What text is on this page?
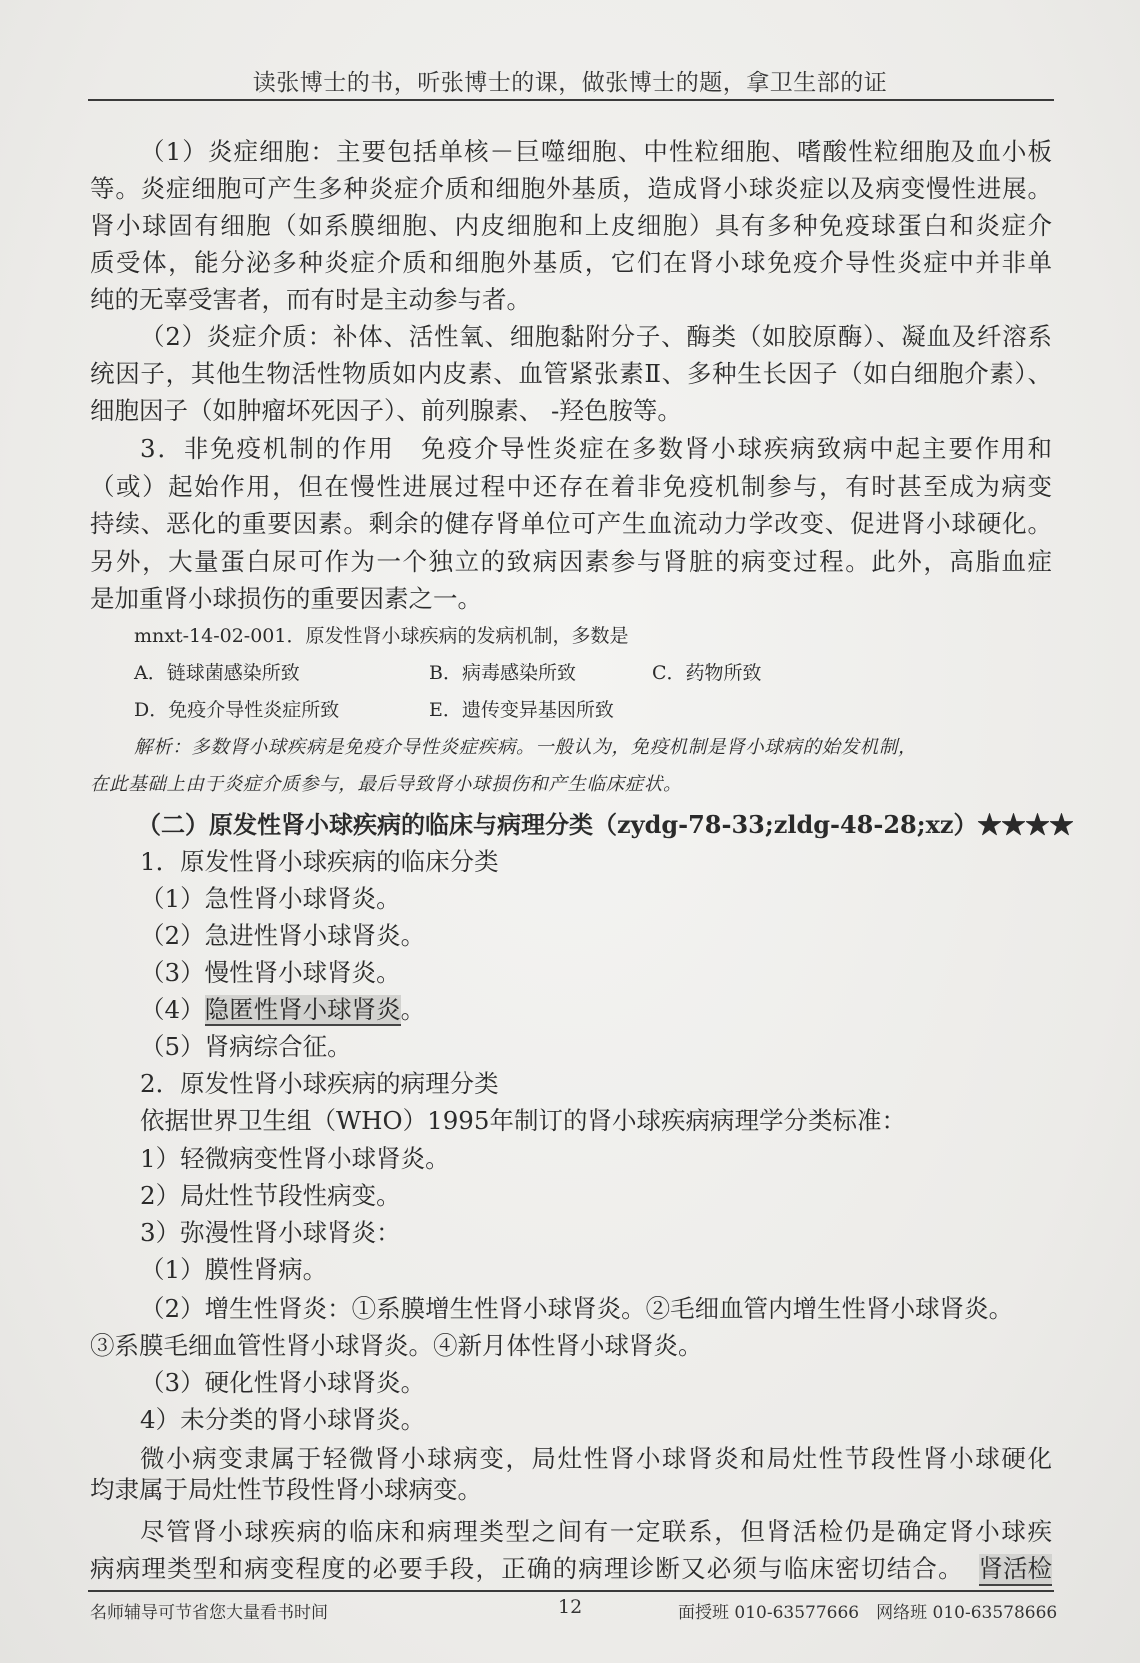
读张博士的书，听张博士的课，做张博士的题，拿卫生部的证
（1）炎症细胞：主要包括单核－巨噬细胞、中性粒细胞、嗜酸性粒细胞及血小板
等。炎症细胞可产生多种炎症介质和细胞外基质，造成肾小球炎症以及病变慢性进展。
肾小球固有细胞（如系膜细胞、内皮细胞和上皮细胞）具有多种免疫球蛋白和炎症介
质受体，能分泌多种炎症介质和细胞外基质，它们在肾小球免疫介导性炎症中并非单
纯的无辜受害者，而有时是主动参与者。
（2）炎症介质：补体、活性氧、细胞黏附分子、酶类（如胶原酶）、凝血及纤溶系
统因子，其他生物活性物质如内皮素、血管紧张素Ⅱ、多种生长因子（如白细胞介素）、
细胞因子（如肿瘤坏死因子）、前列腺素、 -羟色胺等。
3．非免疫机制的作用　免疫介导性炎症在多数肾小球疾病致病中起主要作用和
（或）起始作用，但在慢性进展过程中还存在着非免疫机制参与，有时甚至成为病变
持续、恶化的重要因素。剩余的健存肾单位可产生血流动力学改变、促进肾小球硬化。
另外，大量蛋白尿可作为一个独立的致病因素参与肾脏的病变过程。此外，高脂血症
是加重肾小球损伤的重要因素之一。
mnxt-14-02-001．原发性肾小球疾病的发病机制，多数是
A．链球菌感染所致	B．病毒感染所致	C．药物所致
D．免疫介导性炎症所致	E．遗传变异基因所致
解析：多数肾小球疾病是免疫介导性炎症疾病。一般认为，免疫机制是肾小球病的始发机制，
在此基础上由于炎症介质参与，最后导致肾小球损伤和产生临床症状。
（二）原发性肾小球疾病的临床与病理分类（zydg-78-33;zldg-48-28;xz）★★★★
1．原发性肾小球疾病的临床分类
（1）急性肾小球肾炎。
（2）急进性肾小球肾炎。
（3）慢性肾小球肾炎。
（4）隐匿性肾小球肾炎。
（5）肾病综合征。
2．原发性肾小球疾病的病理分类
依据世界卫生组（WHO）1995年制订的肾小球疾病病理学分类标准：
1）轻微病变性肾小球肾炎。
2）局灶性节段性病变。
3）弥漫性肾小球肾炎：
（1）膜性肾病。
（2）增生性肾炎：①系膜增生性肾小球肾炎。②毛细血管内增生性肾小球肾炎。
③系膜毛细血管性肾小球肾炎。④新月体性肾小球肾炎。
（3）硬化性肾小球肾炎。
4）未分类的肾小球肾炎。
微小病变隶属于轻微肾小球病变，局灶性肾小球肾炎和局灶性节段性肾小球硬化
均隶属于局灶性节段性肾小球病变。
尽管肾小球疾病的临床和病理类型之间有一定联系，但肾活检仍是确定肾小球疾
病病理类型和病变程度的必要手段，正确的病理诊断又必须与临床密切结合。 肾活检
名师辅导可节省您大量看书时间	12	面授班 010-63577666　网络班 010-63578666
